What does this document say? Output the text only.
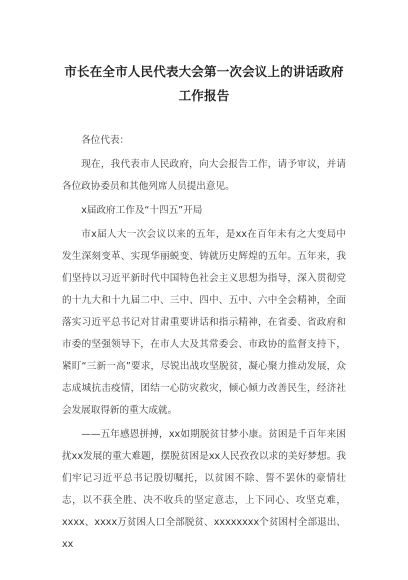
市长在全市人民代表大会第一次会议上的讲话政府工作报告

各位代表：

现在，我代表市人民政府，向大会报告工作，请予审议，并请各位政协委员和其他列席人员提出意见。

x届政府工作及“十四五”开局

市x届人大一次会议以来的五年，是xx在百年未有之大变局中发生深刻变革、实现华丽蜕变、铸就历史辉煌的五年。五年来，我们坚持以习近平新时代中国特色社会主义思想为指导，深入贯彻党的十九大和十九届二中、三中、四中、五中、六中全会精神，全面落实习近平总书记对甘肃重要讲话和指示精神，在省委、省政府和市委的坚强领导下，在市人大及其常委会、市政协的监督支持下，紧盯“三新一高”要求，尽锐出战攻坚脱贫，凝心聚力推动发展，众志成城抗击疫情，团结一心防灾救灾，倾心倾力改善民生，经济社会发展取得新的重大成就。

——五年感恩拼搏，xx如期脱贫甘梦小康。贫困是千百年来困扰xx发展的重大难题，摆脱贫困是xx人民孜孜以求的美好梦想。我们牢记习近平总书记殷切嘱托，以贫困不除、誓不罢休的豪情壮志，以不获全胜、决不收兵的坚定意志，上下同心、攻坚克难，xxxx、xxxx万贫困人口全部脱贫、xxxxxxxx个贫困村全部退出、xx
